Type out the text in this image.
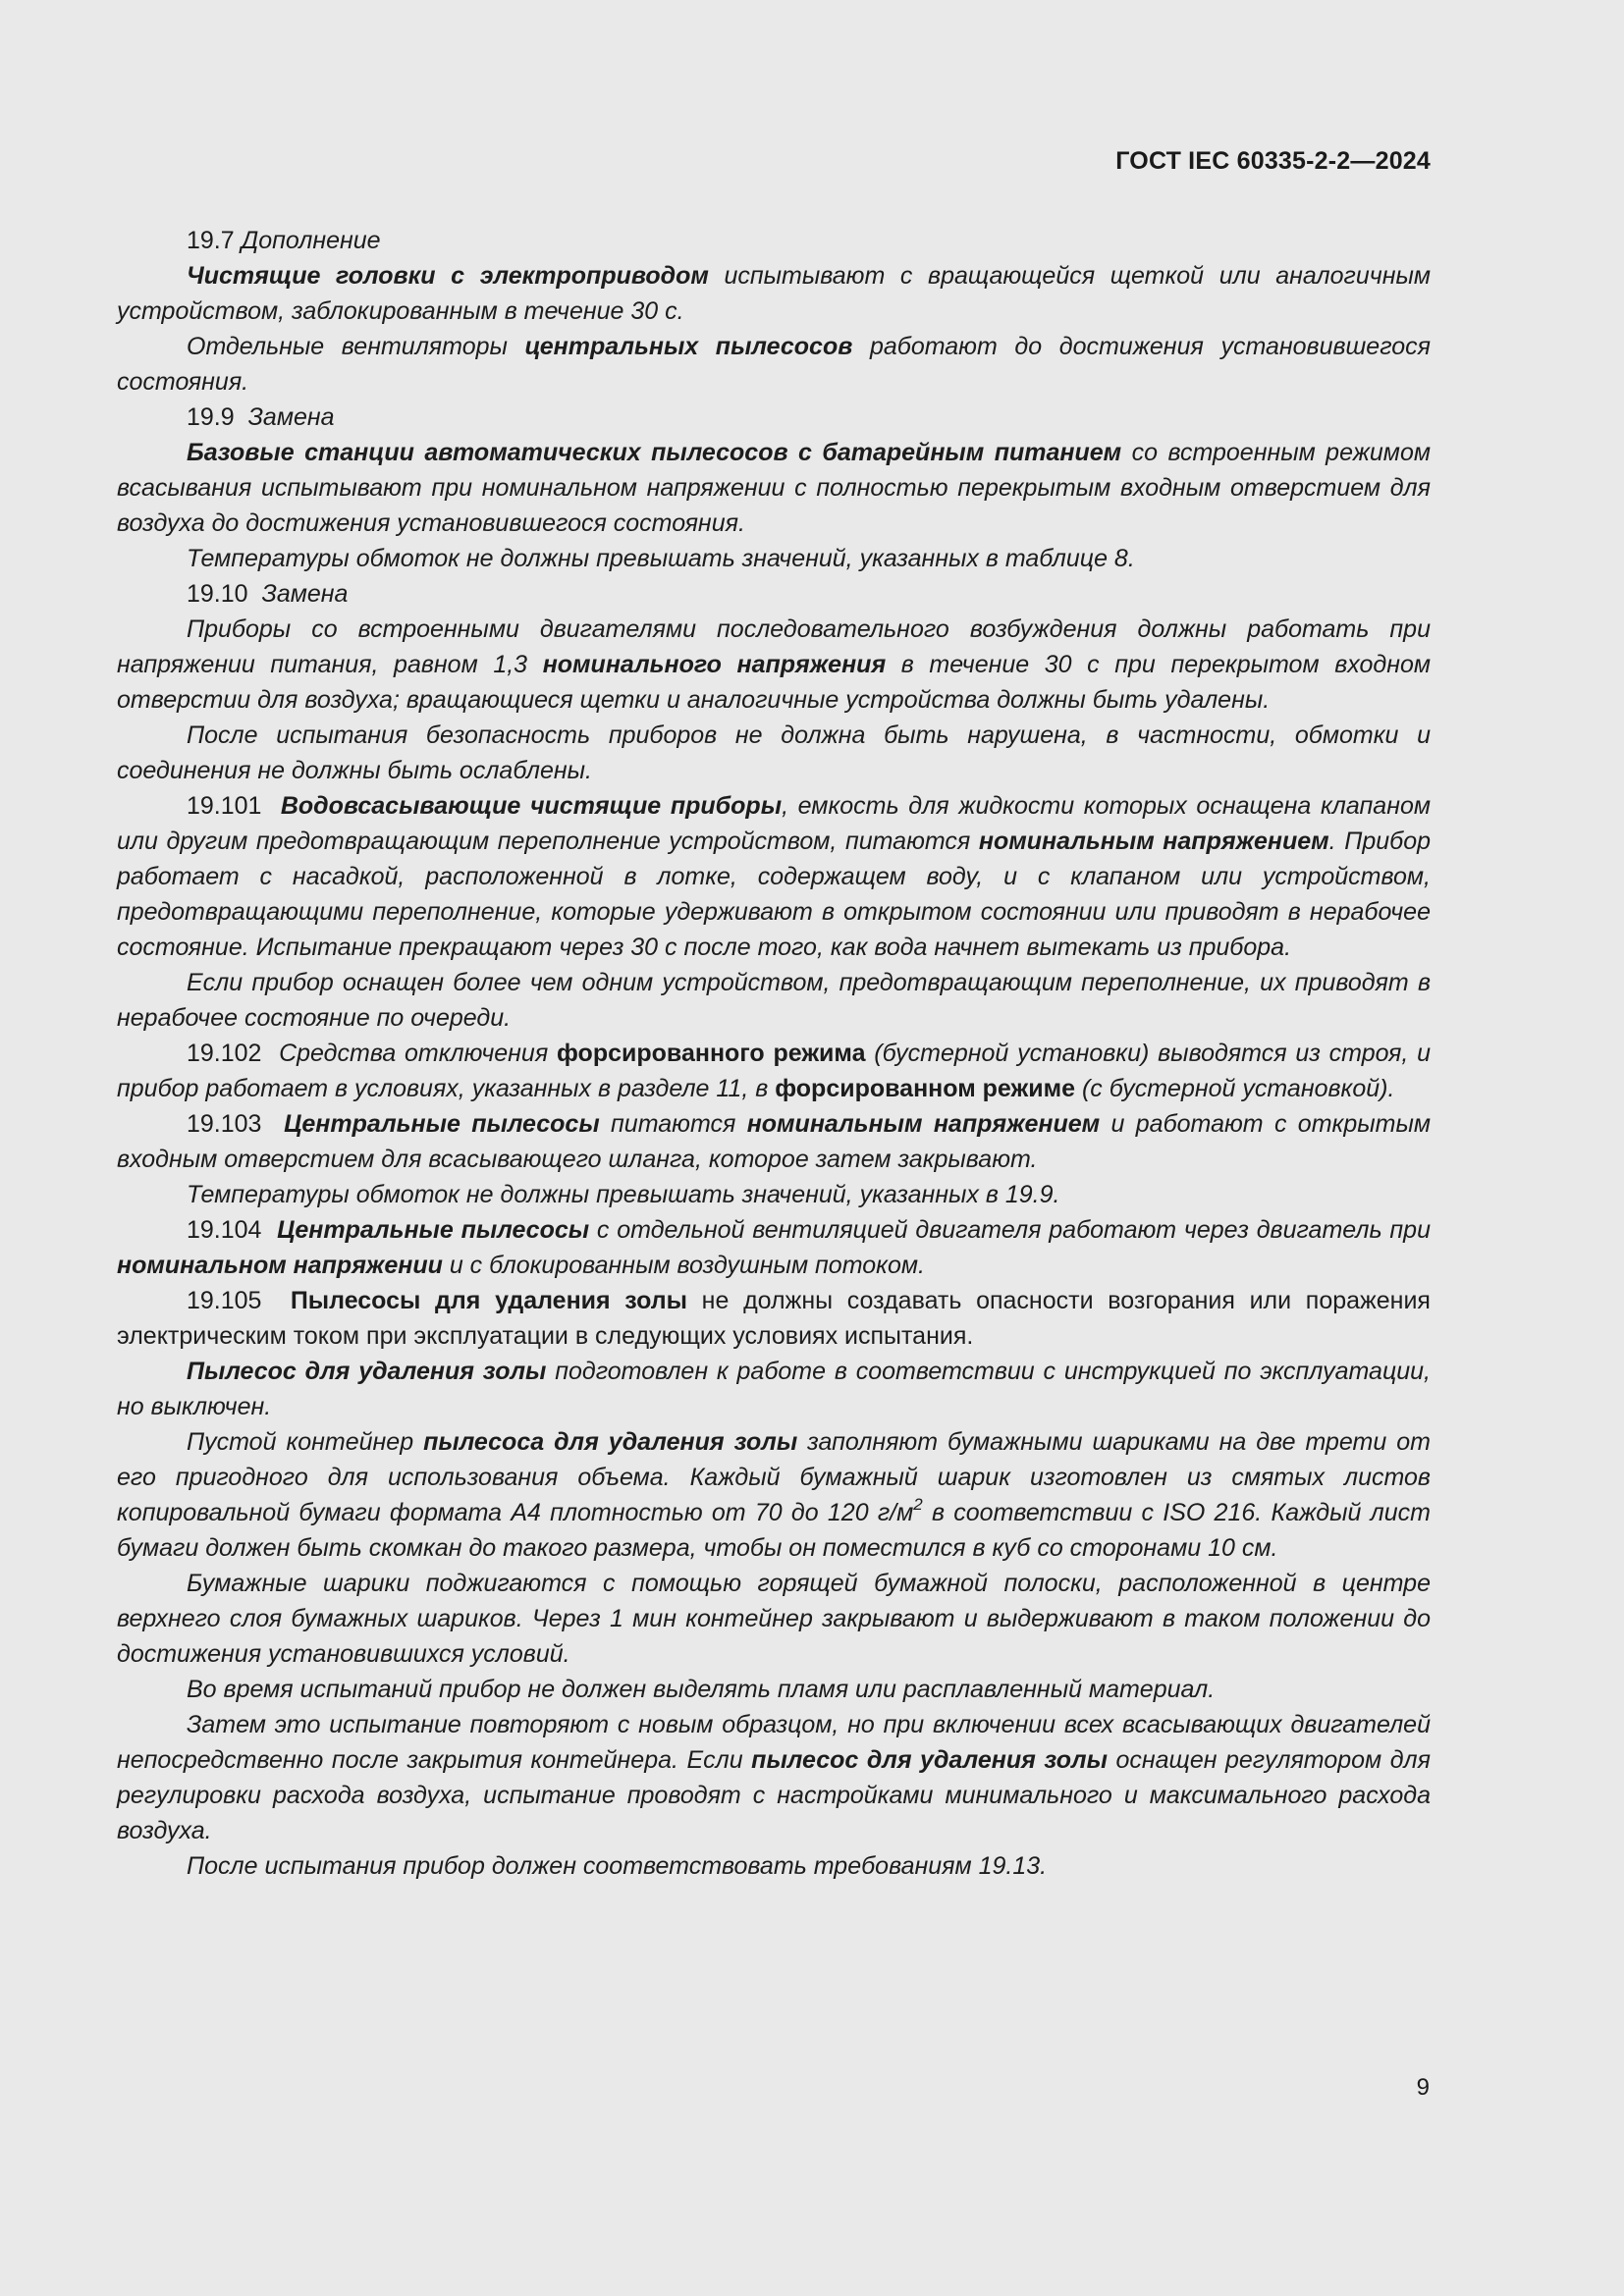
ГОСТ IEC 60335-2-2—2024

19.7 Дополнение

Чистящие головки с электроприводом испытывают с вращающейся щеткой или аналогичным устройством, заблокированным в течение 30 с.

Отдельные вентиляторы центральных пылесосов работают до достижения установившегося состояния.

19.9 Замена

Базовые станции автоматических пылесосов с батарейным питанием со встроенным режимом всасывания испытывают при номинальном напряжении с полностью перекрытым входным отверстием для воздуха до достижения установившегося состояния.

Температуры обмоток не должны превышать значений, указанных в таблице 8.

19.10 Замена

Приборы со встроенными двигателями последовательного возбуждения должны работать при напряжении питания, равном 1,3 номинального напряжения в течение 30 с при перекрытом входном отверстии для воздуха; вращающиеся щетки и аналогичные устройства должны быть удалены.

После испытания безопасность приборов не должна быть нарушена, в частности, обмотки и соединения не должны быть ослаблены.

19.101 Водовсасывающие чистящие приборы, емкость для жидкости которых оснащена клапаном или другим предотвращающим переполнение устройством, питаются номинальным напряжением. Прибор работает с насадкой, расположенной в лотке, содержащем воду, и с клапаном или устройством, предотвращающими переполнение, которые удерживают в открытом состоянии или приводят в нерабочее состояние. Испытание прекращают через 30 с после того, как вода начнет вытекать из прибора.

Если прибор оснащен более чем одним устройством, предотвращающим переполнение, их приводят в нерабочее состояние по очереди.

19.102 Средства отключения форсированного режима (бустерной установки) выводятся из строя, и прибор работает в условиях, указанных в разделе 11, в форсированном режиме (с бустерной установкой).

19.103 Центральные пылесосы питаются номинальным напряжением и работают с открытым входным отверстием для всасывающего шланга, которое затем закрывают.

Температуры обмоток не должны превышать значений, указанных в 19.9.

19.104 Центральные пылесосы с отдельной вентиляцией двигателя работают через двигатель при номинальном напряжении и с блокированным воздушным потоком.

19.105 Пылесосы для удаления золы не должны создавать опасности возгорания или поражения электрическим током при эксплуатации в следующих условиях испытания.

Пылесос для удаления золы подготовлен к работе в соответствии с инструкцией по эксплуатации, но выключен.

Пустой контейнер пылесоса для удаления золы заполняют бумажными шариками на две трети от его пригодного для использования объема. Каждый бумажный шарик изготовлен из смятых листов копировальной бумаги формата А4 плотностью от 70 до 120 $г/м^2$ в соответствии с ISO 216. Каждый лист бумаги должен быть скомкан до такого размера, чтобы он поместился в куб со сторонами 10 см.

Бумажные шарики поджигаются с помощью горящей бумажной полоски, расположенной в центре верхнего слоя бумажных шариков. Через 1 мин контейнер закрывают и выдерживают в таком положении до достижения установившихся условий.

Во время испытаний прибор не должен выделять пламя или расплавленный материал.

Затем это испытание повторяют с новым образцом, но при включении всех всасывающих двигателей непосредственно после закрытия контейнера. Если пылесос для удаления золы оснащен регулятором для регулировки расхода воздуха, испытание проводят с настройками минимального и максимального расхода воздуха.

После испытания прибор должен соответствовать требованиям 19.13.

9
